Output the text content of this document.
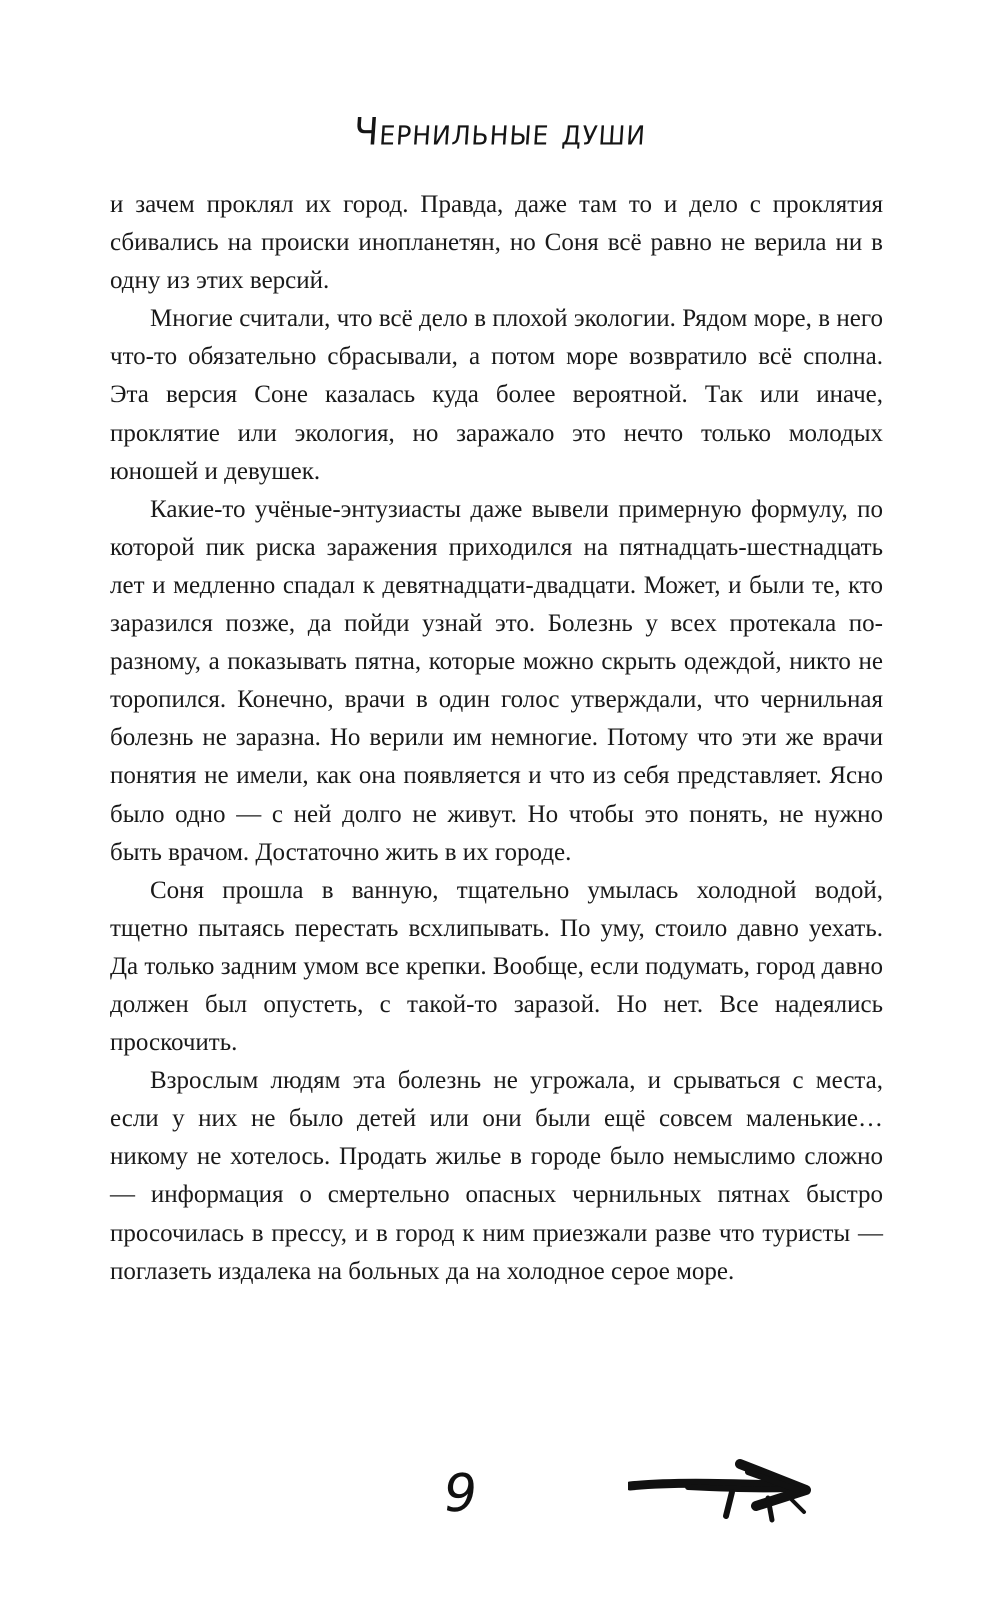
Чернильные души

и зачем проклял их город. Правда, даже там то и дело с проклятия сбивались на происки инопланетян, но Соня всё равно не верила ни в одну из этих версий.

Многие считали, что всё дело в плохой экологии. Рядом море, в него что-то обязательно сбрасывали, а потом море возвратило всё сполна. Эта версия Соне казалась куда более вероятной. Так или иначе, проклятие или экология, но заражало это нечто только молодых юношей и девушек.

Какие-то учёные-энтузиасты даже вывели примерную формулу, по которой пик риска заражения приходился на пятнадцать-шестнадцать лет и медленно спадал к девятнадцати-двадцати. Может, и были те, кто заразился позже, да пойди узнай это. Болезнь у всех протекала по-разному, а показывать пятна, которые можно скрыть одеждой, никто не торопился. Конечно, врачи в один голос утверждали, что чернильная болезнь не заразна. Но верили им немногие. Потому что эти же врачи понятия не имели, как она появляется и что из себя представляет. Ясно было одно — с ней долго не живут. Но чтобы это понять, не нужно быть врачом. Достаточно жить в их городе.

Соня прошла в ванную, тщательно умылась холодной водой, тщетно пытаясь перестать всхлипывать. По уму, стоило давно уехать. Да только задним умом все крепки. Вообще, если подумать, город давно должен был опустеть, с такой-то заразой. Но нет. Все надеялись проскочить.

Взрослым людям эта болезнь не угрожала, и срываться с места, если у них не было детей или они были ещё совсем маленькие… никому не хотелось. Продать жилье в городе было немыслимо сложно — информация о смертельно опасных чернильных пятнах быстро просочилась в прессу, и в город к ним приезжали разве что туристы — поглазеть издалека на больных да на холодное серое море.

9
